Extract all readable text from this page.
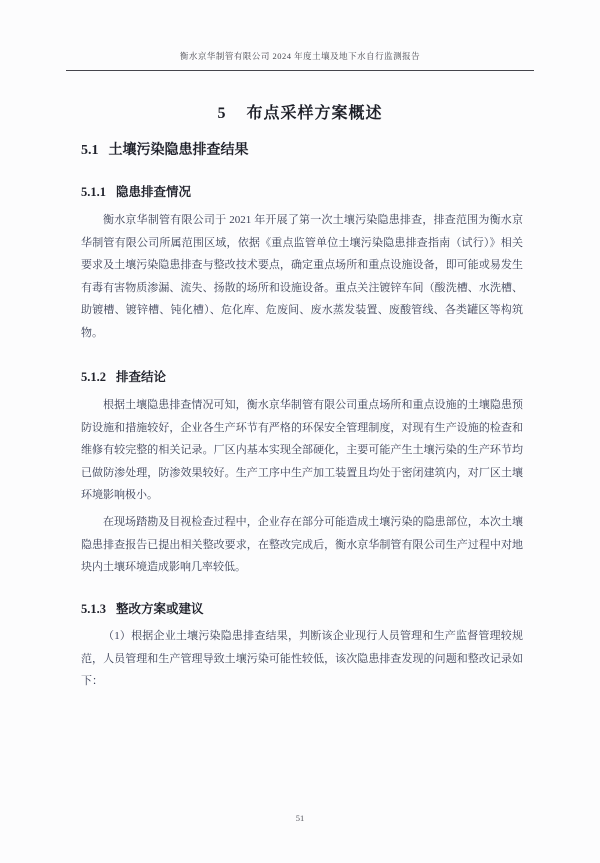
衡水京华制管有限公司 2024 年度土壤及地下水自行监测报告
5 布点采样方案概述
5.1 土壤污染隐患排查结果
5.1.1 隐患排查情况

衡水京华制管有限公司于 2021 年开展了第一次土壤污染隐患排查，排查范围为衡水京华制管有限公司所属范围区域，依据《重点监管单位土壤污染隐患排查指南（试行）》相关要求及土壤污染隐患排查与整改技术要点，确定重点场所和重点设施设备，即可能或易发生有毒有害物质渗漏、流失、扬散的场所和设施设备。重点关注镀锌车间（酸洗槽、水洗槽、助镀槽、镀锌槽、钝化槽）、危化库、危废间、废水蒸发装置、废酸管线、各类罐区等构筑物。

5.1.2 排查结论

根据土壤隐患排查情况可知，衡水京华制管有限公司重点场所和重点设施的土壤隐患预防设施和措施较好，企业各生产环节有严格的环保安全管理制度，对现有生产设施的检查和维修有较完整的相关记录。厂区内基本实现全部硬化，主要可能产生土壤污染的生产环节均已做防渗处理，防渗效果较好。生产工序中生产加工装置且均处于密闭建筑内，对厂区土壤环境影响极小。

在现场踏勘及目视检查过程中，企业存在部分可能造成土壤污染的隐患部位，本次土壤隐患排查报告已提出相关整改要求，在整改完成后，衡水京华制管有限公司生产过程中对地块内土壤环境造成影响几率较低。

5.1.3 整改方案或建议

（1）根据企业土壤污染隐患排查结果，判断该企业现行人员管理和生产监督管理较规范，人员管理和生产管理导致土壤污染可能性较低，该次隐患排查发现的问题和整改记录如下：

51
